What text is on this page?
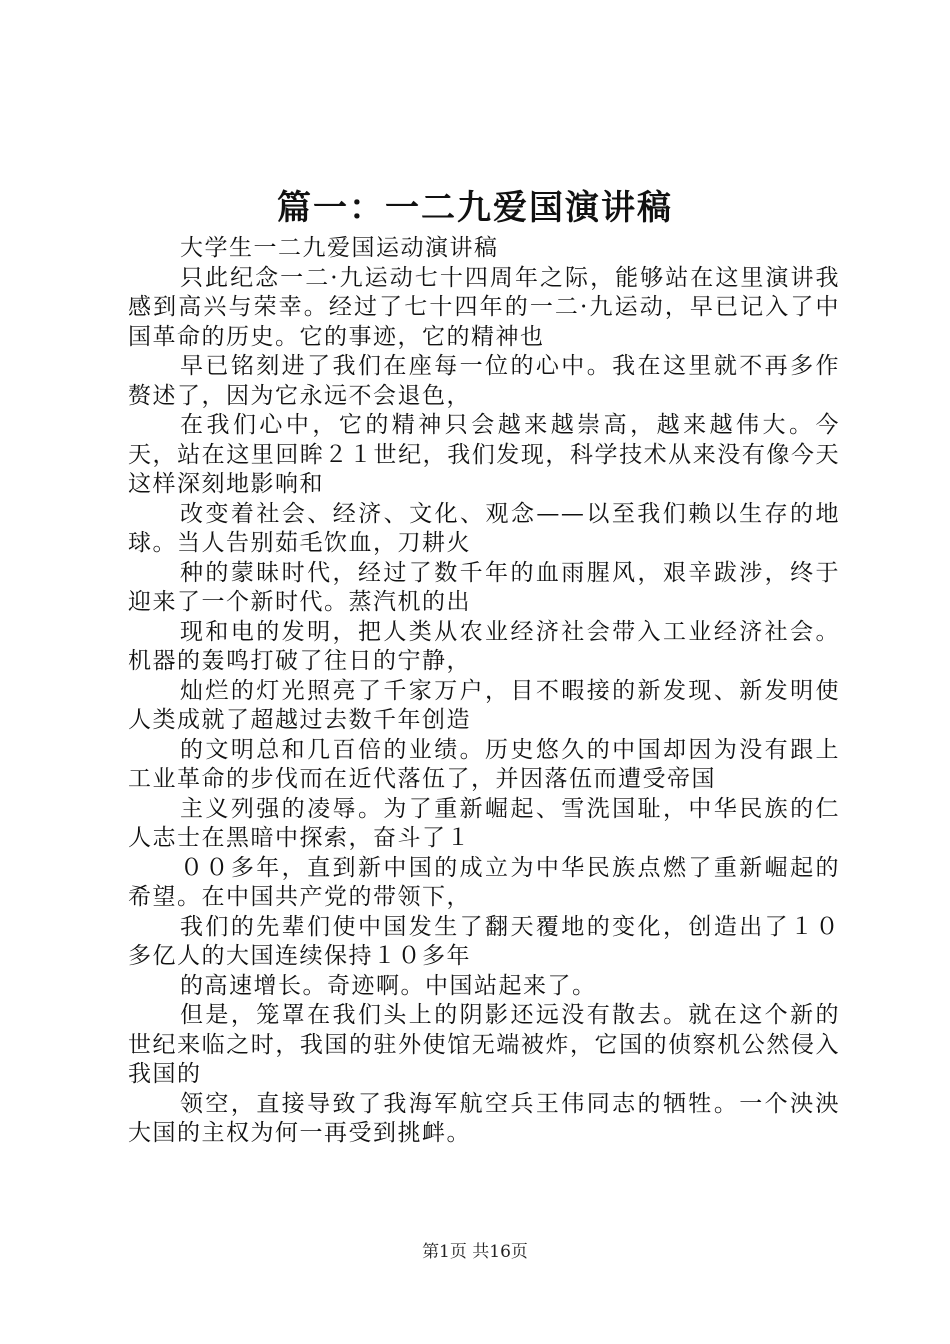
篇一：一二九爱国演讲稿

大学生一二九爱国运动演讲稿

只此纪念一二·九运动七十四周年之际，能够站在这里演讲我感到高兴与荣幸。经过了七十四年的一二·九运动，早已记入了中国革命的历史。它的事迹，它的精神也

早已铭刻进了我们在座每一位的心中。我在这里就不再多作赘述了，因为它永远不会退色，

在我们心中，它的精神只会越来越崇高，越来越伟大。今天，站在这里回眸２１世纪，我们发现，科学技术从来没有像今天这样深刻地影响和

改变着社会、经济、文化、观念——以至我们赖以生存的地球。当人告别茹毛饮血，刀耕火

种的蒙昧时代，经过了数千年的血雨腥风，艰辛跋涉，终于迎来了一个新时代。蒸汽机的出

现和电的发明，把人类从农业经济社会带入工业经济社会。机器的轰鸣打破了往日的宁静，

灿烂的灯光照亮了千家万户，目不暇接的新发现、新发明使人类成就了超越过去数千年创造

的文明总和几百倍的业绩。历史悠久的中国却因为没有跟上工业革命的步伐而在近代落伍了，并因落伍而遭受帝国

主义列强的凌辱。为了重新崛起、雪洗国耻，中华民族的仁人志士在黑暗中探索，奋斗了１

００多年，直到新中国的成立为中华民族点燃了重新崛起的希望。在中国共产党的带领下，

我们的先辈们使中国发生了翻天覆地的变化，创造出了１０多亿人的大国连续保持１０多年

的高速增长。奇迹啊。中国站起来了。

但是，笼罩在我们头上的阴影还远没有散去。就在这个新的世纪来临之时，我国的驻外使馆无端被炸，它国的侦察机公然侵入我国的

领空，直接导致了我海军航空兵王伟同志的牺牲。一个泱泱大国的主权为何一再受到挑衅。

第1页 共16页
